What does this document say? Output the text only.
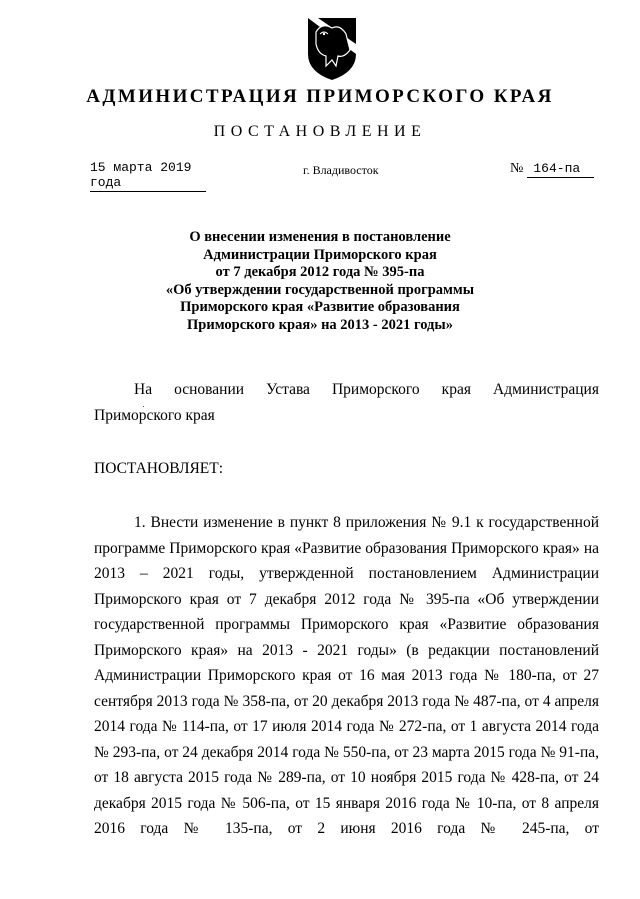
АДМИНИСТРАЦИЯ ПРИМОРСКОГО КРАЯ
ПОСТАНОВЛЕНИЕ
15 марта 2019 года
г. Владивосток	№ 164-па
О внесении изменения в постановление
Администрации Приморского края
от 7 декабря 2012 года № 395-па
«Об утверждении государственной программы
Приморского края «Развитие образования
Приморского края» на 2013 - 2021 годы»
На основании Устава Приморского края Администрация Приморского края
ПОСТАНОВЛЯЕТ:
1. Внести изменение в пункт 8 приложения № 9.1 к государственной программе Приморского края «Развитие образования Приморского края» на 2013 – 2021 годы, утвержденной постановлением Администрации Приморского края от 7 декабря 2012 года № 395-па «Об утверждении государственной программы Приморского края «Развитие образования Приморского края» на 2013 - 2021 годы» (в редакции постановлений Администрации Приморского края от 16 мая 2013 года № 180-па, от 27 сентября 2013 года № 358-па, от 20 декабря 2013 года № 487-па, от 4 апреля 2014 года № 114-па, от 17 июля 2014 года № 272-па, от 1 августа 2014 года № 293-па, от 24 декабря 2014 года № 550-па, от 23 марта 2015 года № 91-па, от 18 августа 2015 года № 289-па, от 10 ноября 2015 года № 428-па, от 24 декабря 2015 года № 506-па, от 15 января 2016 года № 10-па, от 8 апреля 2016 года № 135-па, от 2 июня 2016 года № 245-па, от
